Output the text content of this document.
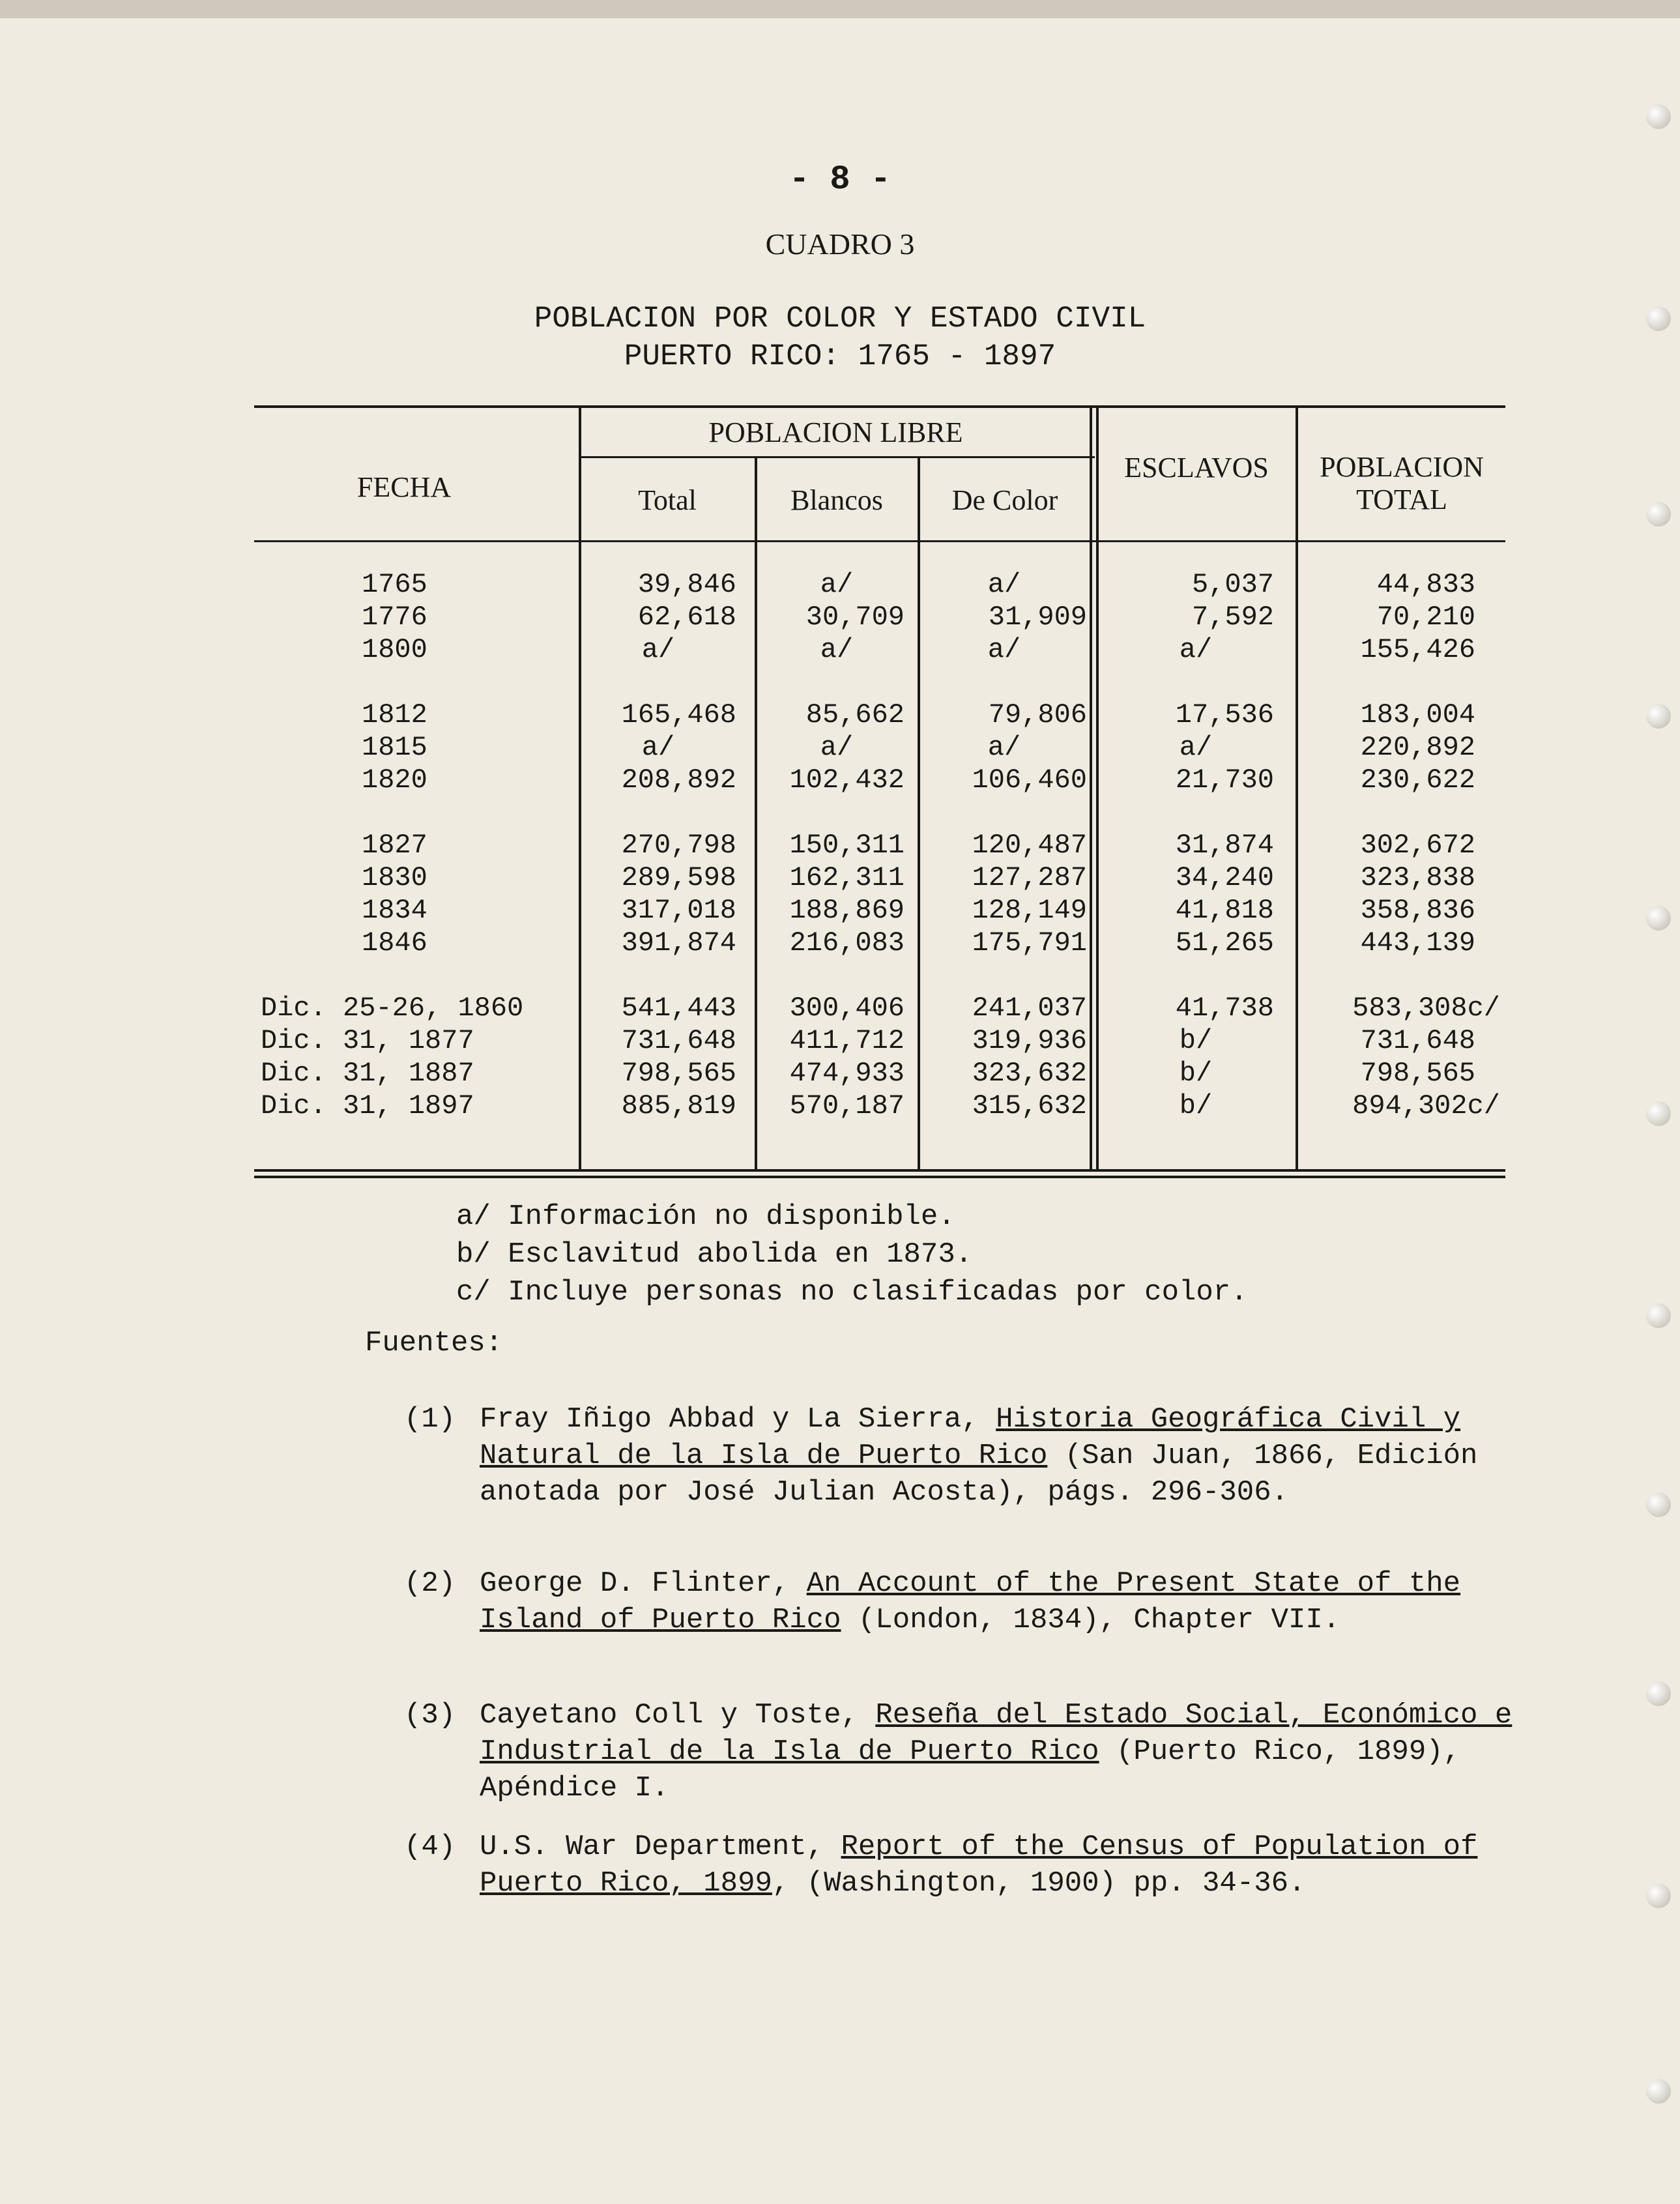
- 8 -
CUADRO 3
POBLACION POR COLOR Y ESTADO CIVIL
PUERTO RICO: 1765 - 1897
FECHA
POBLACION LIBRE
Total	Blancos	De Color
ESCLAVOS	POBLACION
TOTAL
1765	39,846	a/	a/	5,037	44,833
1776	62,618	30,709	31,909	7,592	70,210
1800	a/	a/	a/	a/	155,426
1812	165,468	85,662	79,806	17,536	183,004
1815	a/	a/	a/	a/	220,892
1820	208,892	102,432	106,460	21,730	230,622
1827	270,798	150,311	120,487	31,874	302,672
1830	289,598	162,311	127,287	34,240	323,838
1834	317,018	188,869	128,149	41,818	358,836
1846	391,874	216,083	175,791	51,265	443,139
Dic. 25-26, 1860	541,443	300,406	241,037	41,738	583,308c/
Dic. 31, 1877	731,648	411,712	319,936	b/	731,648
Dic. 31, 1887	798,565	474,933	323,632	b/	798,565
Dic. 31, 1897	885,819	570,187	315,632	b/	894,302c/
a/ Información no disponible.
b/ Esclavitud abolida en 1873.
c/ Incluye personas no clasificadas por color.
Fuentes:
(1) Fray Iñigo Abbad y La Sierra, Historia Geográfica Civil y Natural de la Isla de Puerto Rico (San Juan, 1866, Edición anotada por José Julian Acosta), págs. 296-306.
(2) George D. Flinter, An Account of the Present State of the Island of Puerto Rico (London, 1834), Chapter VII.
(3) Cayetano Coll y Toste, Reseña del Estado Social, Económico e Industrial de la Isla de Puerto Rico (Puerto Rico, 1899), Apéndice I.
(4) U.S. War Department, Report of the Census of Population of Puerto Rico, 1899, (Washington, 1900) pp. 34-36.
